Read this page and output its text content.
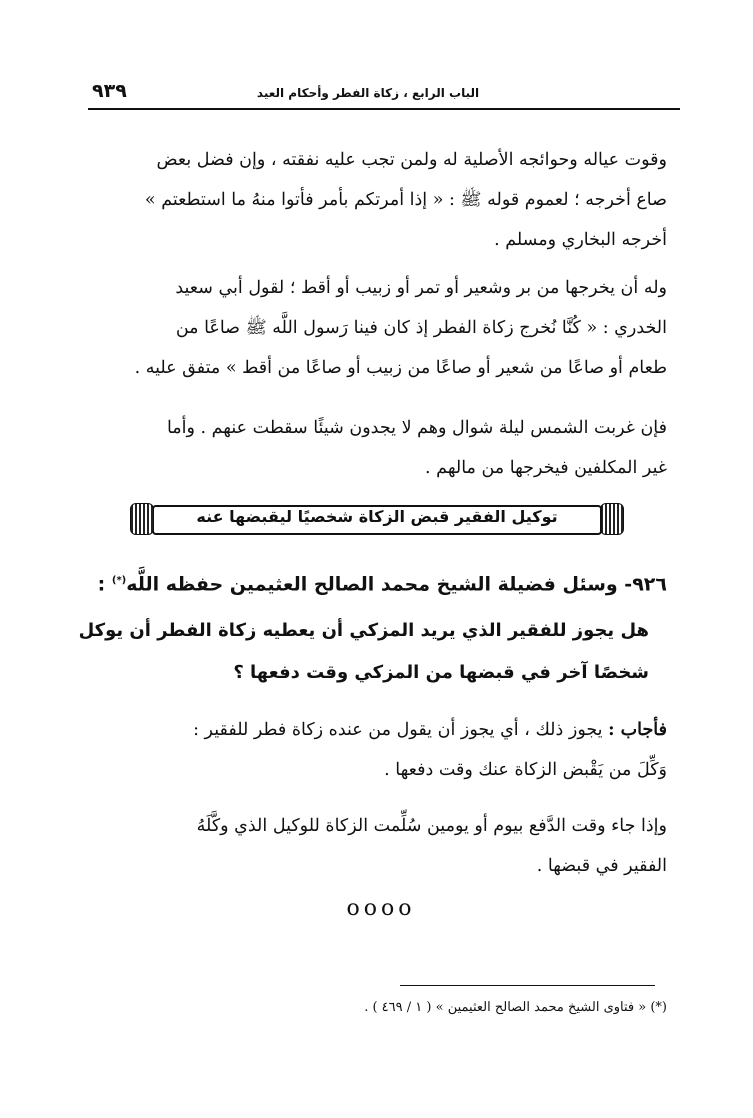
الباب الرابع ، زكاة الفطر وأحكام العيد
٩٣٩
وقوت عياله وحوائجه الأصلية له ولمن تجب عليه نفقته ، وإن فضل بعض
صاع أخرجه ؛ لعموم قوله ﷺ : « إذا أمرتكم بأمر فأتوا منهُ ما استطعتم »
أخرجه البخاري ومسلم .
وله أن يخرجها من بر وشعير أو تمر أو زبيب أو أقط ؛ لقول أبي سعيد
الخدري : « كُنَّا نُخرج زكاة الفطر إذ كان فينا رَسول اللَّه ﷺ صاعًا من
طعام أو صاعًا من شعير أو صاعًا من زبيب أو صاعًا من أقط » متفق عليه .
فإن غربت الشمس ليلة شوال وهم لا يجدون شيئًا سقطت عنهم . وأما
غير المكلفين فيخرجها من مالهم .
توكيل الفقير قبض الزكاة شخصيًا ليقبضها عنه
٩٢٦- وسئل فضيلة الشيخ محمد الصالح العثيمين حفظه اللَّه(*) :
هل يجوز للفقير الذي يريد المزكي أن يعطيه زكاة الفطر أن يوكل
شخصًا آخر في قبضها من المزكي وقت دفعها ؟
فأجاب : يجوز ذلك ، أي يجوز أن يقول من عنده زكاة فطر للفقير :
وَكِّلَ من يَقْبض الزكاة عنك وقت دفعها .
وإذا جاء وقت الدَّفع بيوم أو يومين سُلِّمت الزكاة للوكيل الذي وكَّلَهُ
الفقير في قبضها .
oooo
(*) « فتاوى الشيخ محمد الصالح العثيمين » ( ١ / ٤٦٩ ) .
